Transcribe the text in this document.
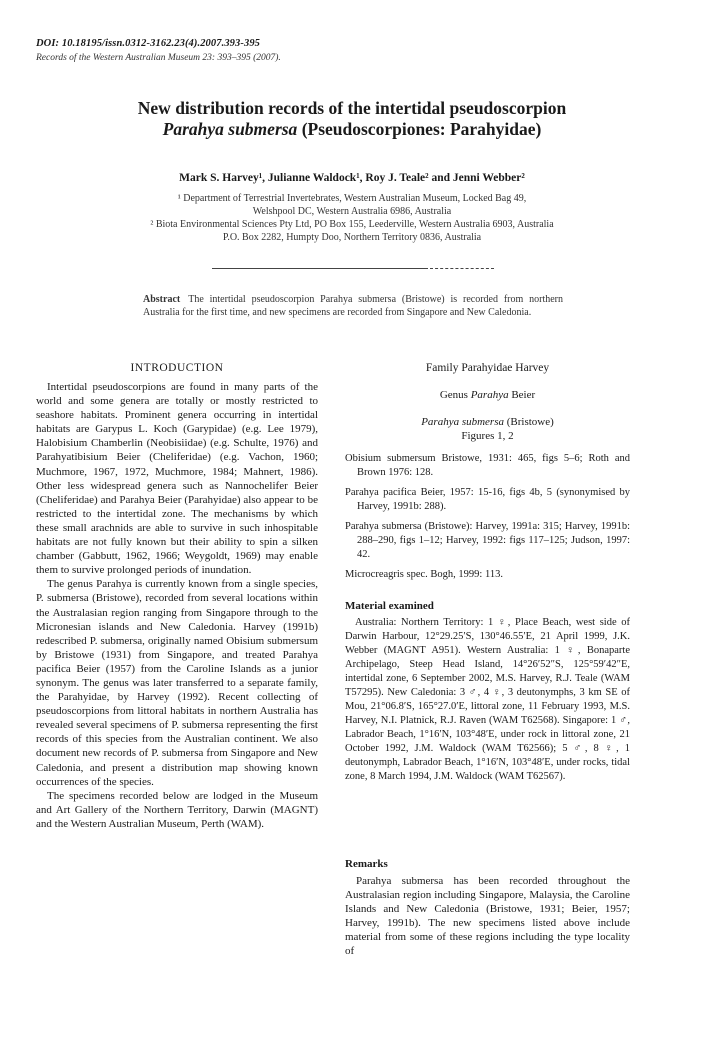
DOI: 10.18195/issn.0312-3162.23(4).2007.393-395
Records of the Western Australian Museum 23: 393–395 (2007).
New distribution records of the intertidal pseudoscorpion
Parahya submersa (Pseudoscorpiones: Parahyidae)
Mark S. Harvey¹, Julianne Waldock¹, Roy J. Teale² and Jenni Webber²

¹ Department of Terrestrial Invertebrates, Western Australian Museum, Locked Bag 49,

Welshpool DC, Western Australia 6986, Australia

² Biota Environmental Sciences Pty Ltd, PO Box 155, Leederville, Western Australia 6903, Australia

P.O. Box 2282, Humpty Doo, Northern Territory 0836, Australia

Abstract The intertidal pseudoscorpion Parahya submersa (Bristowe) is recorded from northern Australia for the first time, and new specimens are recorded from Singapore and New Caledonia.
INTRODUCTION

Intertidal pseudoscorpions are found in many parts of the world and some genera are totally or mostly restricted to seashore habitats. Prominent genera occurring in intertidal habitats are Garypus L. Koch (Garypidae) (e.g. Lee 1979), Halobisium Chamberlin (Neobisiidae) (e.g. Schulte, 1976) and Parahyatibisium Beier (Cheliferidae) (e.g. Vachon, 1960; Muchmore, 1967, 1972, Muchmore, 1984; Mahnert, 1986). Other less widespread genera such as Nannochelifer Beier (Cheliferidae) and Parahya Beier (Parahyidae) also appear to be restricted to the intertidal zone. The mechanisms by which these small arachnids are able to survive in such inhospitable habitats are not fully known but their ability to spin a silken chamber (Gabbutt, 1962, 1966; Weygoldt, 1969) may enable them to survive prolonged periods of inundation.

The genus Parahya is currently known from a single species, P. submersa (Bristowe), recorded from several locations within the Australasian region ranging from Singapore through to the Micronesian islands and New Caledonia. Harvey (1991b) redescribed P. submersa, originally named Obisium submersum by Bristowe (1931) from Singapore, and treated Parahya pacifica Beier (1957) from the Caroline Islands as a junior synonym. The genus was later transferred to a separate family, the Parahyidae, by Harvey (1992). Recent collecting of pseudoscorpions from littoral habitats in northern Australia has revealed several specimens of P. submersa representing the first records of this species from the Australian continent. We also document new records of P. submersa from Singapore and New Caledonia, and present a distribution map showing known occurrences of the species.

The specimens recorded below are lodged in the Museum and Art Gallery of the Northern Territory, Darwin (MAGNT) and the Western Australian Museum, Perth (WAM).

Family Parahyidae Harvey
Genus Parahya Beier
Parahya submersa (Bristowe)
Figures 1, 2

Obisium submersum Bristowe, 1931: 465, figs 5–6; Roth and Brown 1976: 128.

Parahya pacifica Beier, 1957: 15-16, figs 4b, 5 (synonymised by Harvey, 1991b: 288).

Parahya submersa (Bristowe): Harvey, 1991a: 315; Harvey, 1991b: 288–290, figs 1–12; Harvey, 1992: figs 117–125; Judson, 1997: 42.

Microcreagris spec. Bogh, 1999: 113.

Material examined

Australia: Northern Territory: 1 ♀, Place Beach, west side of Darwin Harbour, 12°29.25′S, 130°46.55′E, 21 April 1999, J.K. Webber (MAGNT A951). Western Australia: 1 ♀, Bonaparte Archipelago, Steep Head Island, 14°26′52″S, 125°59′42″E, intertidal zone, 6 September 2002, M.S. Harvey, R.J. Teale (WAM T57295). New Caledonia: 3 ♂, 4 ♀, 3 deutonymphs, 3 km SE of Mou, 21°06.8′S, 165°27.0′E, littoral zone, 11 February 1993, M.S. Harvey, N.I. Platnick, R.J. Raven (WAM T62568). Singapore: 1 ♂, Labrador Beach, 1°16′N, 103°48′E, under rock in littoral zone, 21 October 1992, J.M. Waldock (WAM T62566); 5 ♂, 8 ♀, 1 deutonymph, Labrador Beach, 1°16′N, 103°48′E, under rocks, tidal zone, 8 March 1994, J.M. Waldock (WAM T62567).

Remarks

Parahya submersa has been recorded throughout the Australasian region including Singapore, Malaysia, the Caroline Islands and New Caledonia (Bristowe, 1931; Beier, 1957; Harvey, 1991b). The new specimens listed above include material from some of these regions including the type locality of
